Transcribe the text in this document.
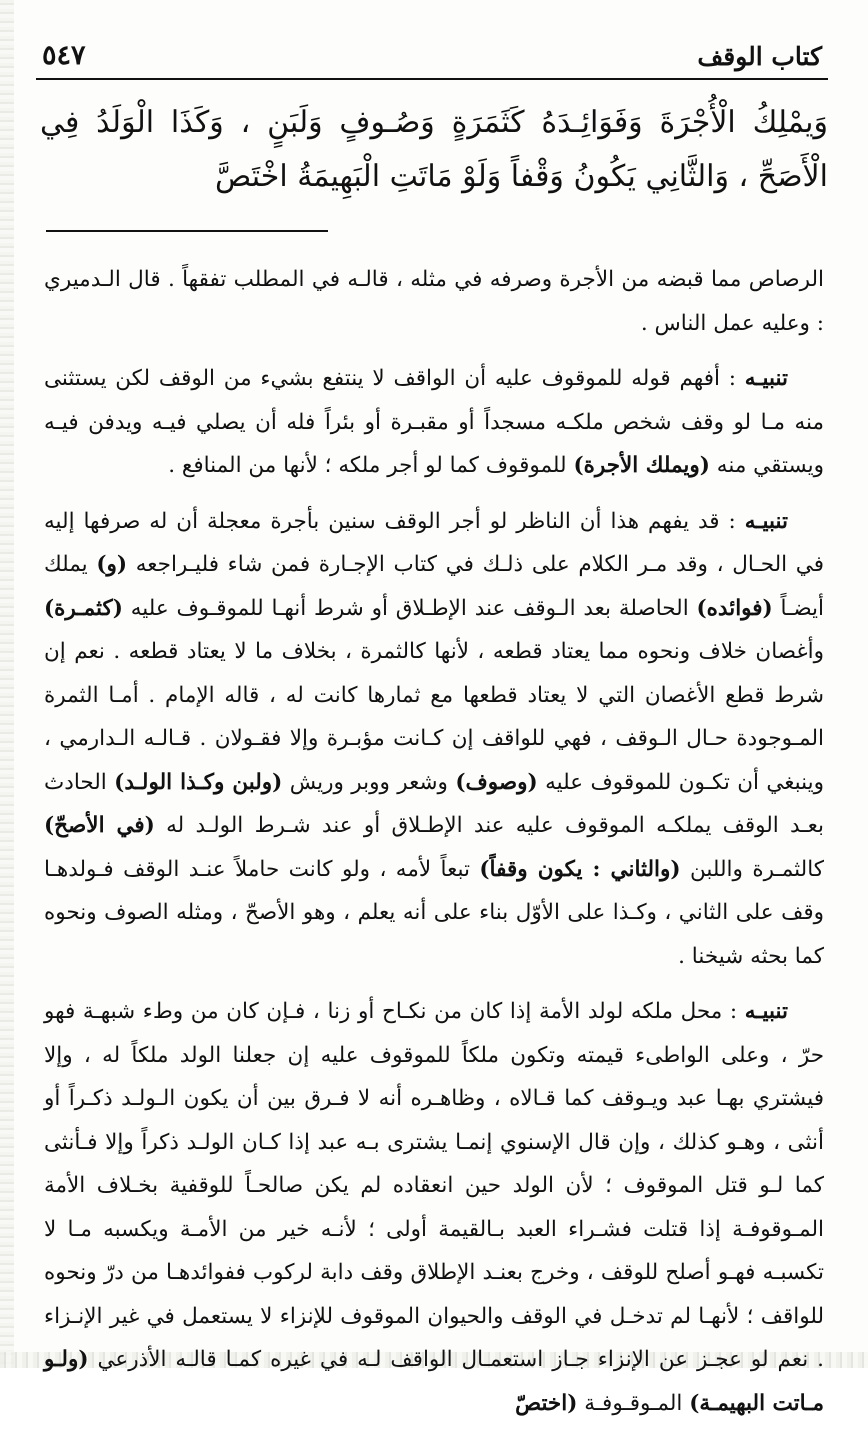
كتاب الوقف
٥٤٧
وَيمْلِكُ الْأُجْرَةَ وَفَوَائِـدَهُ كَثَمَرَةٍ وَصُـوفٍ وَلَبَنٍ ، وَكَذَا الْوَلَدُ فِي الْأَصَحِّ ، وَالثَّانِي يَكُونُ وَقْفاً وَلَوْ مَاتَتِ الْبَهِيمَةُ اخْتَصَّ

الرصاص مما قبضه من الأجرة وصرفه في مثله ، قالـه في المطلب تفقهاً . قال الـدميري : وعليه عمل الناس .

تنبيـه : أفهم قوله للموقوف عليه أن الواقف لا ينتفع بشيء من الوقف لكن يستثنى منه مـا لو وقف شخص ملكـه مسجداً أو مقبـرة أو بئراً فله أن يصلي فيـه ويدفن فيـه ويستقي منه (ويملك الأجرة) للموقوف كما لو أجر ملكه ؛ لأنها من المنافع .

تنبيـه : قد يفهم هذا أن الناظر لو أجر الوقف سنين بأجرة معجلة أن له صرفها إليه في الحـال ، وقد مـر الكلام على ذلـك في كتاب الإجـارة فمن شاء فليـراجعه (و) يملك أيضـاً (فوائده) الحاصلة بعد الـوقف عند الإطـلاق أو شرط أنهـا للموقـوف عليه (كثمـرة) وأغصان خلاف ونحوه مما يعتاد قطعه ، لأنها كالثمرة ، بخلاف ما لا يعتاد قطعه . نعم إن شرط قطع الأغصان التي لا يعتاد قطعها مع ثمارها كانت له ، قاله الإمام . أمـا الثمرة المـوجودة حـال الـوقف ، فهي للواقف إن كـانت مؤبـرة وإلا فقـولان . قـالـه الـدارمي ، وينبغي أن تكـون للموقوف عليه (وصوف) وشعر ووبر وريش (ولبن وكـذا الولـد) الحادث بعـد الوقف يملكـه الموقوف عليه عند الإطـلاق أو عند شـرط الولـد له (في الأصحّ) كالثمـرة واللبن (والثاني : يكون وقفاً) تبعاً لأمه ، ولو كانت حاملاً عنـد الوقف فـولدهـا وقف على الثاني ، وكـذا على الأوّل بناء على أنه يعلم ، وهو الأصحّ ، ومثله الصوف ونحوه كما بحثه شيخنا .

تنبيـه : محل ملكه لولد الأمة إذا كان من نكـاح أو زنا ، فـإن كان من وطء شبهـة فهو حرّ ، وعلى الواطىء قيمته وتكون ملكاً للموقوف عليه إن جعلنا الولد ملكاً له ، وإلا فيشتري بهـا عبد ويـوقف كما قـالاه ، وظاهـره أنه لا فـرق بين أن يكون الـولـد ذكـراً أو أنثى ، وهـو كذلك ، وإن قال الإسنوي إنمـا يشترى بـه عبد إذا كـان الولـد ذكراً وإلا فـأنثى كما لـو قتل الموقوف ؛ لأن الولد حين انعقاده لم يكن صالحـاً للوقفية بخـلاف الأمة المـوقوفـة إذا قتلت فشـراء العبد بـالقيمة أولى ؛ لأنـه خير من الأمـة ويكسبه مـا لا تكسبـه فهـو أصلح للوقف ، وخرج بعنـد الإطلاق وقف دابة لركوب ففوائدهـا من درّ ونحوه للواقف ؛ لأنهـا لم تدخـل في الوقف والحيوان الموقوف للإنزاء لا يستعمل في غير الإنـزاء . نعم لو عجـز عن الإنزاء جـاز استعمـال الواقف لـه في غيره كمـا قالـه الأذرعي (ولـو مـاتت البهيمـة) المـوقـوفـة (اختصّ
